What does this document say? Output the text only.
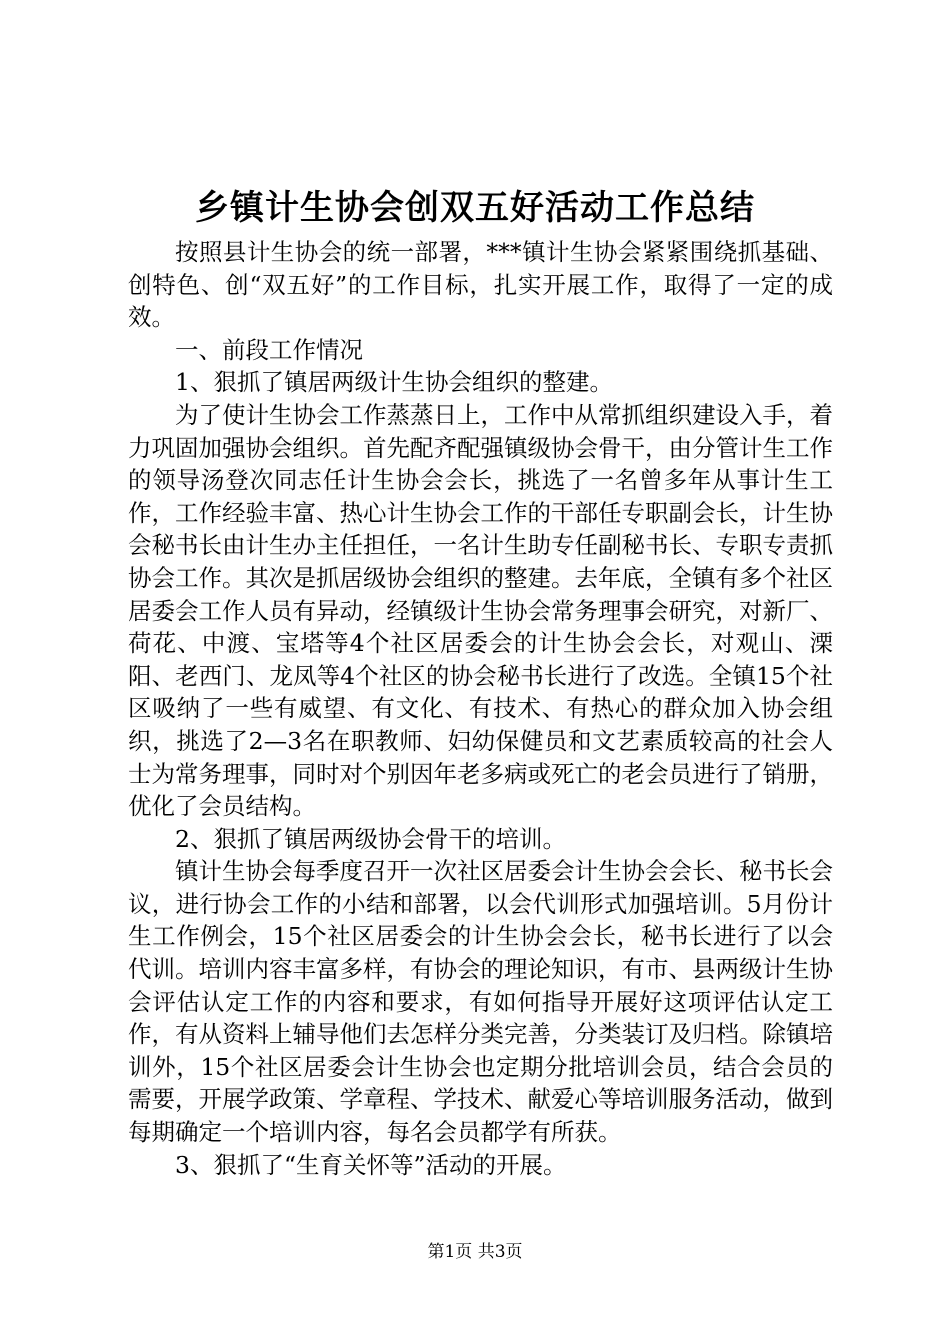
乡镇计生协会创双五好活动工作总结

按照县计生协会的统一部署，***镇计生协会紧紧围绕抓基础、创特色、创“双五好”的工作目标，扎实开展工作，取得了一定的成效。

一、前段工作情况

1、狠抓了镇居两级计生协会组织的整建。

为了使计生协会工作蒸蒸日上，工作中从常抓组织建设入手，着力巩固加强协会组织。首先配齐配强镇级协会骨干，由分管计生工作的领导汤登次同志任计生协会会长，挑选了一名曾多年从事计生工作，工作经验丰富、热心计生协会工作的干部任专职副会长，计生协会秘书长由计生办主任担任，一名计生助专任副秘书长、专职专责抓协会工作。其次是抓居级协会组织的整建。去年底，全镇有多个社区居委会工作人员有异动，经镇级计生协会常务理事会研究，对新厂、荷花、中渡、宝塔等4个社区居委会的计生协会会长，对观山、溧阳、老西门、龙凤等4个社区的协会秘书长进行了改选。全镇15个社区吸纳了一些有威望、有文化、有技术、有热心的群众加入协会组织，挑选了2—3名在职教师、妇幼保健员和文艺素质较高的社会人士为常务理事，同时对个别因年老多病或死亡的老会员进行了销册，优化了会员结构。

2、狠抓了镇居两级协会骨干的培训。

镇计生协会每季度召开一次社区居委会计生协会会长、秘书长会议，进行协会工作的小结和部署，以会代训形式加强培训。5月份计生工作例会，15个社区居委会的计生协会会长，秘书长进行了以会代训。培训内容丰富多样，有协会的理论知识，有市、县两级计生协会评估认定工作的内容和要求，有如何指导开展好这项评估认定工作，有从资料上辅导他们去怎样分类完善，分类装订及归档。除镇培训外，15个社区居委会计生协会也定期分批培训会员，结合会员的需要，开展学政策、学章程、学技术、献爱心等培训服务活动，做到每期确定一个培训内容，每名会员都学有所获。

3、狠抓了“生育关怀等”活动的开展。

第1页 共3页
